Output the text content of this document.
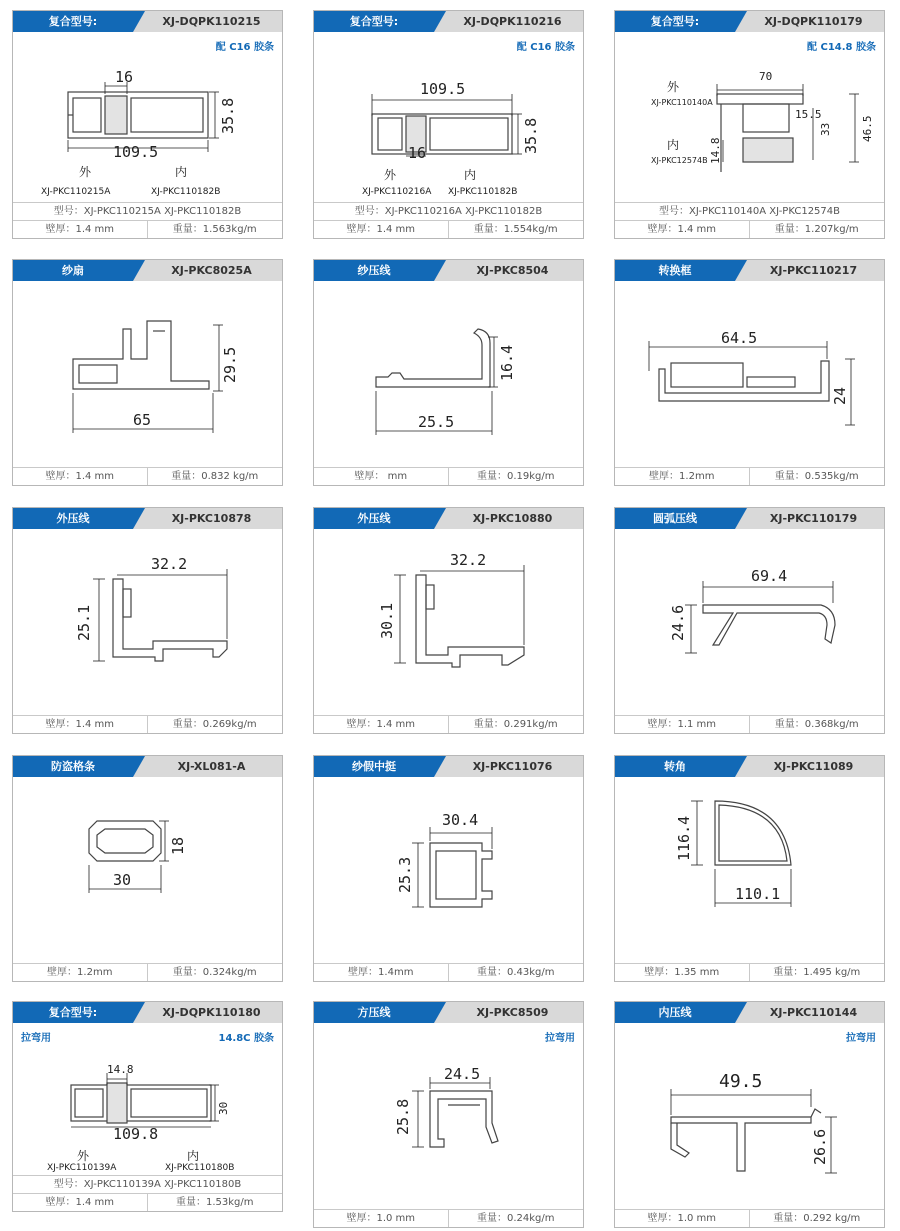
复合型号:	XJ-DQPK110215
配 C16 胶条
16
35.8
109.5
外	内
XJ-PKC110215A	XJ-PKC110182B
型号：XJ-PKC110215A XJ-PKC110182B
壁厚：1.4 mm	重量：1.563kg/m
复合型号:	XJ-DQPK110216
配 C16 胶条
109.5
35.8
16
外	内
XJ-PKC110216A XJ-PKC110182B
型号：XJ-PKC110216A XJ-PKC110182B
壁厚：1.4 mm	重量：1.554kg/m
复合型号:	XJ-DQPK110179
配 C14.8 胶条
70
15.5
33	46.5
14.8
外
XJ-PKC110140A
内
XJ-PKC12574B
型号：XJ-PKC110140A XJ-PKC12574B
壁厚：1.4 mm	重量：1.207kg/m
纱扇	XJ-PKC8025A
29.5
65
壁厚：1.4 mm	重量：0.832 kg/m
纱压线	XJ-PKC8504
16.4
25.5
壁厚： mm	重量：0.19kg/m
转换框	XJ-PKC110217
64.5
24
壁厚：1.2mm	重量：0.535kg/m
外压线	XJ-PKC10878
32.2
25.1
壁厚：1.4 mm	重量：0.269kg/m
外压线	XJ-PKC10880
32.2
30.1
壁厚：1.4 mm	重量：0.291kg/m
圆弧压线	XJ-PKC110179
69.4
24.6
壁厚：1.1 mm	重量：0.368kg/m
防盗格条	XJ-XL081-A
18
30
壁厚：1.2mm	重量：0.324kg/m
纱假中挺	XJ-PKC11076
30.4
25.3
壁厚：1.4mm	重量：0.43kg/m
转角	XJ-PKC11089
116.4
110.1
壁厚：1.35 mm	重量：1.495 kg/m
复合型号:	XJ-DQPK110180
拉弯用	14.8C 胶条
14.8
30
109.8
外	内
XJ-PKC110139A	XJ-PKC110180B
型号：XJ-PKC110139A XJ-PKC110180B
壁厚：1.4 mm	重量：1.53kg/m
方压线	XJ-PKC8509
拉弯用
24.5
25.8
壁厚：1.0 mm	重量：0.24kg/m
内压线	XJ-PKC110144
拉弯用
49.5
26.6
壁厚：1.0 mm	重量：0.292 kg/m
